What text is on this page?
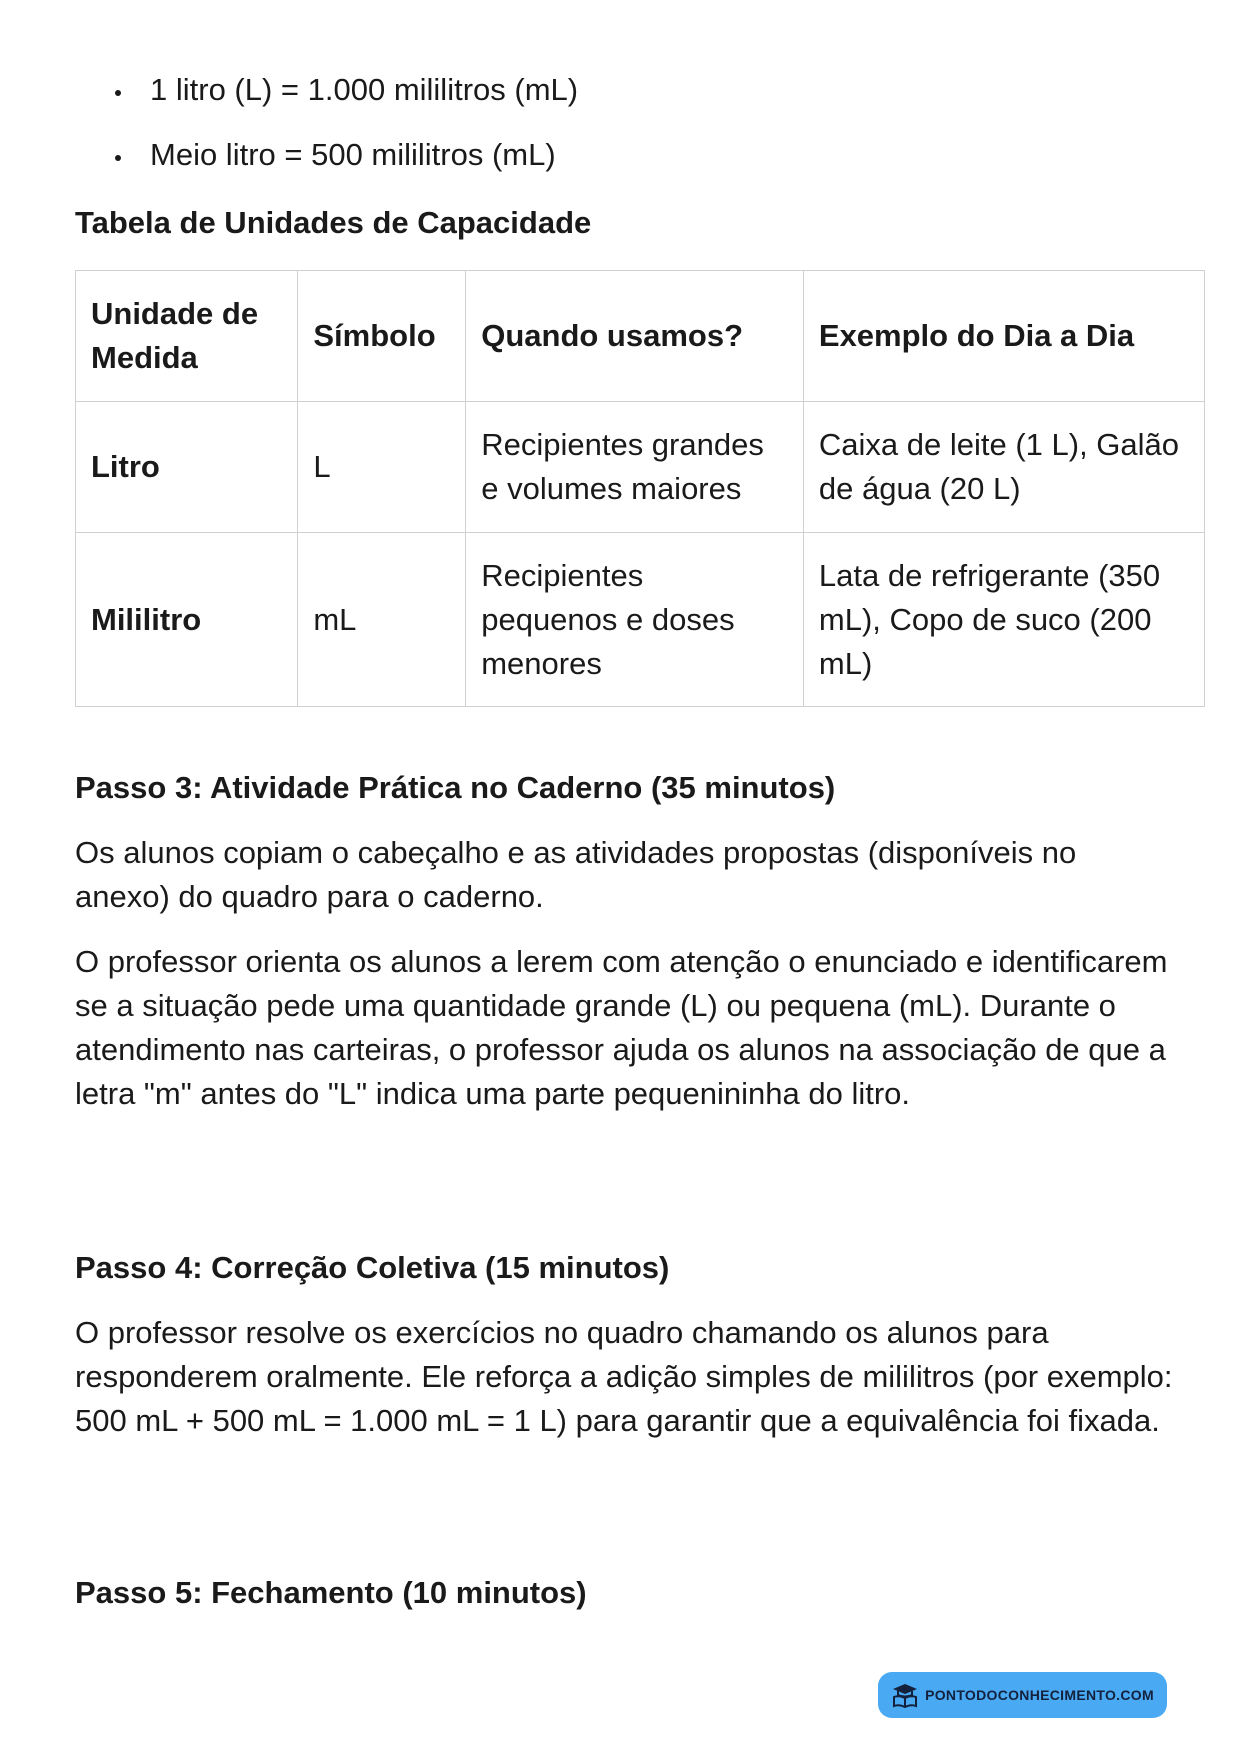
1 litro (L) = 1.000 mililitros (mL)
Meio litro = 500 mililitros (mL)
Tabela de Unidades de Capacidade
Unidade de Medida	Símbolo	Quando usamos?	Exemplo do Dia a Dia
Litro	L	Recipientes grandes e volumes maiores	Caixa de leite (1 L), Galão de água (20 L)
Mililitro	mL	Recipientes pequenos e doses menores	Lata de refrigerante (350 mL), Copo de suco (200 mL)
Passo 3: Atividade Prática no Caderno (35 minutos)

Os alunos copiam o cabeçalho e as atividades propostas (disponíveis no anexo) do quadro para o caderno.

O professor orienta os alunos a lerem com atenção o enunciado e identificarem se a situação pede uma quantidade grande (L) ou pequena (mL). Durante o atendimento nas carteiras, o professor ajuda os alunos na associação de que a letra "m" antes do "L" indica uma parte pequenininha do litro.

Passo 4: Correção Coletiva (15 minutos)

O professor resolve os exercícios no quadro chamando os alunos para responderem oralmente. Ele reforça a adição simples de mililitros (por exemplo: 500 mL + 500 mL = 1.000 mL = 1 L) para garantir que a equivalência foi fixada.

Passo 5: Fechamento (10 minutos)
PONTODOCONHECIMENTO.COM
